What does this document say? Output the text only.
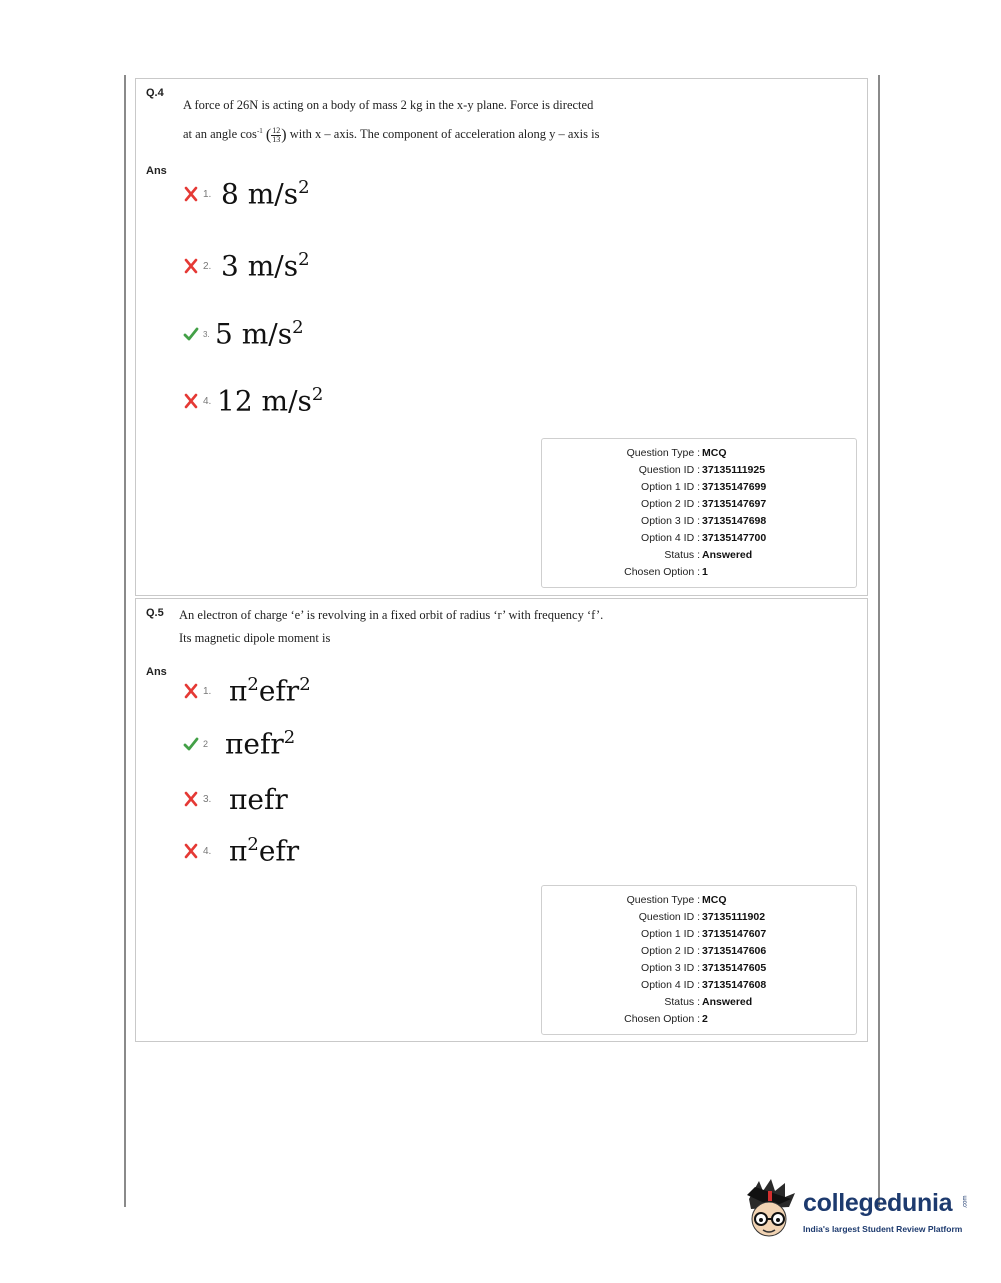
Q.4
A force of 26N is acting on a body of mass 2 kg in the x-y plane. Force is directed
at an angle $\cos^{-1}$ ( $\frac{12}{13}$ ) with x – axis. The component of acceleration along y – axis is
Ans
1. 8 $m/s^2$
2. 3 $m/s^2$
3. 5 $m/s^2$
4. 12 $m/s^2$
Question Type : MCQ
Question ID : 37135111925
Option 1 ID : 37135147699
Option 2 ID : 37135147697
Option 3 ID : 37135147698
Option 4 ID : 37135147700
Status : Answered
Chosen Option : 1
Q.5 An electron of charge ‘e’ is revolving in a fixed orbit of radius ‘r’ with frequency ‘f’.
Its magnetic dipole moment is
Ans
1. $\pi^2efr^2$
2 πefr$^2$
3. πefr
4. $\pi^2efr$
Question Type : MCQ
Question ID : 37135111902
Option 1 ID : 37135147607
Option 2 ID : 37135147606
Option 3 ID : 37135147605
Option 4 ID : 37135147608
Status : Answered
Chosen Option : 2
collegedunia .com
India's largest Student Review Platform
